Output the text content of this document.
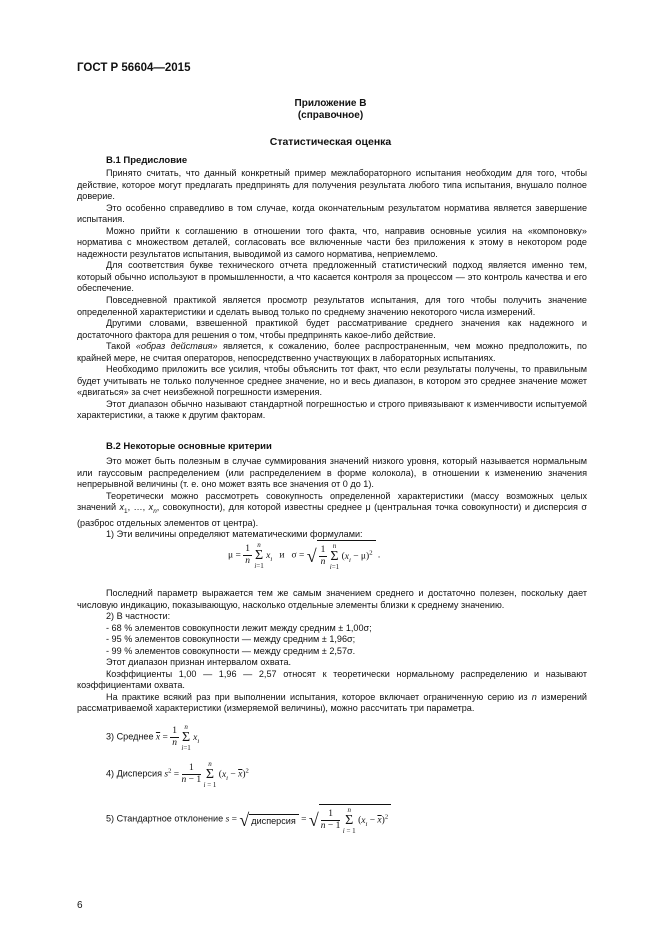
ГОСТ Р 56604—2015
Приложение В
(справочное)
Статистическая оценка
В.1 Предисловие

Принято считать, что данный конкретный пример межлабораторного испытания необходим для того, чтобы действие, которое могут предлагать предпринять для получения результата любого типа испытания, внушало полное доверие.

Это особенно справедливо в том случае, когда окончательным результатом норматива является завершение испытания.

Можно прийти к соглашению в отношении того факта, что, направив основные усилия на «компоновку» норматива с множеством деталей, согласовать все включенные части без приложения к этому в некотором роде надежности результатов испытания, выводимой из самого норматива, неприемлемо.

Для соответствия букве технического отчета предложенный статистический подход является именно тем, который обычно используют в промышленности, а что касается контроля за процессом — это контроль качества и его обеспечение.

Повседневной практикой является просмотр результатов испытания, для того чтобы получить значение определенной характеристики и сделать вывод только по среднему значению некоторого числа измерений.

Другими словами, взвешенной практикой будет рассматривание среднего значения как надежного и достаточного фактора для решения о том, чтобы предпринять какое-либо действие.

Такой «образ действия» является, к сожалению, более распространенным, чем можно предположить, по крайней мере, не считая операторов, непосредственно участвующих в лабораторных испытаниях.

Необходимо приложить все усилия, чтобы объяснить тот факт, что если результаты получены, то правильным будет учитывать не только полученное среднее значение, но и весь диапазон, в котором это среднее значение может «двигаться» за счет неизбежной погрешности измерения.

Этот диапазон обычно называют стандартной погрешностью и строго привязывают к изменчивости испытуемой характеристики, а также к другим факторам.

В.2 Некоторые основные критерии

Это может быть полезным в случае суммирования значений низкого уровня, который называется нормальным или гауссовым распределением (или распределением в форме колокола), в отношении к изменению значения непрерывной величины (т. е. оно может взять все значения от 0 до 1).

Теоретически можно рассмотреть совокупность определенной характеристики (массу возможных целых значений $x_1$, …, $x_n$, совокупности), для которой известны среднее μ (центральная точка совокупности) и дисперсия σ (разброс отдельных элементов от центра).

1) Эти величины определяют математическими формулами:

$\mu = \frac{1}{n}$ n
Σ
i=1 $x_i$   и   σ = √ $\frac{1}{n}$ n
Σ
i=1 $(x_i - \mu)^2$ .

Последний параметр выражается тем же самым значением среднего и достаточно полезен, поскольку дает числовую индикацию, показывающую, насколько отдельные элементы близки к среднему значению.

2) В частности:

- 68 % элементов совокупности лежит между средним ± 1,00σ;
- 95 % элементов совокупности — между средним ± 1,96σ;
- 99 % элементов совокупности — между средним ± 2,57σ.

Этот диапазон признан интервалом охвата.

Коэффициенты 1,00 — 1,96 — 2,57 относят к теоретически нормальному распределению и называют коэффициентами охвата.

На практике всякий раз при выполнении испытания, которое включает ограниченную серию из n измерений рассматриваемой характеристики (измеряемой величины), можно рассчитать три параметра.

3) Среднее $\overline{x} = \frac{1}{n}$ n
Σ
i=1 $x_i$
4) Дисперсия $s^2 = \frac{1}{n - 1}$ n
Σ
i = 1 $(x_i - \overline{x})^2$
5) Стандартное отклонение s = √ дисперсия = √ $\frac{1}{n - 1}$ n
Σ
i = 1 $(x_i - \overline{x})^2$
6
